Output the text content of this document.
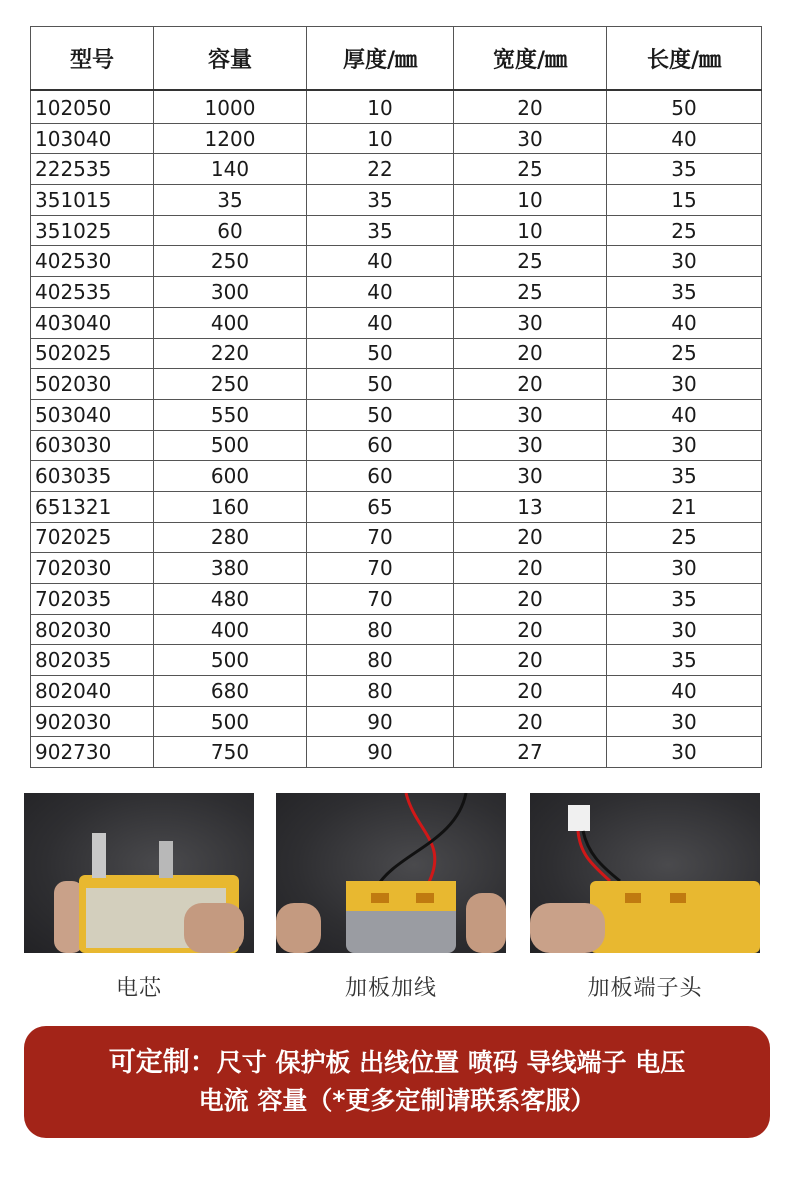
型号	容量	厚度/㎜	宽度/㎜	长度/㎜
102050	1000	10	20	50
103040	1200	10	30	40
222535	140	22	25	35
351015	35	35	10	15
351025	60	35	10	25
402530	250	40	25	30
402535	300	40	25	35
403040	400	40	30	40
502025	220	50	20	25
502030	250	50	20	30
503040	550	50	30	40
603030	500	60	30	30
603035	600	60	30	35
651321	160	65	13	21
702025	280	70	20	25
702030	380	70	20	30
702035	480	70	20	35
802030	400	80	20	30
802035	500	80	20	35
802040	680	80	20	40
902030	500	90	20	30
902730	750	90	27	30
电芯	加板加线	加板端子头
可定制：尺寸 保护板 出线位置 喷码 导线端子 电压
电流 容量（*更多定制请联系客服）
